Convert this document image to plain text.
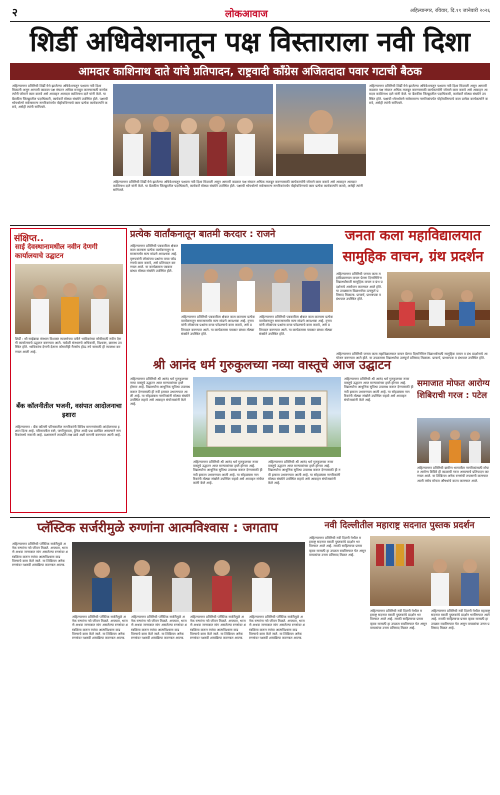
२	लोकआवाज	अहिल्यानगर, रविवार, दि.११ जानेवारी २०२६
शिर्डी अधिवेशनातून पक्ष विस्ताराला नवी दिशा
आमदार काशिनाथ दाते यांचे प्रतिपादन, राष्ट्रवादी काँग्रेस अजितदादा पवार गटाची बैठक
अहिल्यानगर प्रतिनिधी शिर्डी येथे झालेल्या अधिवेशनातून पक्षाला नवी दिशा मिळाली असून आगामी काळात पक्ष संघटन अधिक मजबूत करण्यासाठी कार्यकर्त्यांनी जोमाने काम करावे असे आवाहन आमदार काशिनाथ दाते यांनी केले. या बैठकीस जिल्ह्यातील पदाधिकारी, कार्यकर्ते मोठ्या संख्येने उपस्थित होते. पक्षाची ध्येयधोरणे सर्वसामान्य नागरिकांपर्यंत पोहोचविण्याचे काम प्रत्येक कार्यकर्त्याने करावे, असेही त्यांनी सांगितले.
अहिल्यानगर प्रतिनिधी शिर्डी येथे झालेल्या अधिवेशनातून पक्षाला नवी दिशा मिळाली असून आगामी काळात पक्ष संघटन अधिक मजबूत करण्यासाठी कार्यकर्त्यांनी जोमाने काम करावे असे आवाहन आमदार काशिनाथ दाते यांनी केले. या बैठकीस जिल्ह्यातील पदाधिकारी, कार्यकर्ते मोठ्या संख्येने उपस्थित होते. पक्षाची ध्येयधोरणे सर्वसामान्य नागरिकांपर्यंत पोहोचविण्याचे काम प्रत्येक कार्यकर्त्याने करावे, असेही त्यांनी सांगितले.
अहिल्यानगर प्रतिनिधी शिर्डी येथे झालेल्या अधिवेशनातून पक्षाला नवी दिशा मिळाली असून आगामी काळात पक्ष संघटन अधिक मजबूत करण्यासाठी कार्यकर्त्यांनी जोमाने काम करावे असे आवाहन आमदार काशिनाथ दाते यांनी केले. या बैठकीस जिल्ह्यातील पदाधिकारी, कार्यकर्ते मोठ्या संख्येने उपस्थित होते. पक्षाची ध्येयधोरणे सर्वसामान्य नागरिकांपर्यंत पोहोचविण्याचे काम प्रत्येक कार्यकर्त्याने करावे, असेही त्यांनी सांगितले.
संक्षिप्त..
साई देवस्थानामधील नवीन देणगी कार्यालयाचे उद्घाटन
शिर्डी : श्री साईबाबा संस्थान विश्वस्त व्यवस्थेच्या वतीने भाविकांच्या सोयीसाठी नवीन देणगी कार्यालयाचे उद्घाटन करण्यात आले. यावेळी संस्थानचे अधिकारी, विश्वस्त, ग्रामस्थ उपस्थित होते. भाविकांना देणगी देताना कोणतीही गैरसोय होऊ नये यासाठी ही व्यवस्था करण्यात आली आहे.
बँक कॉलनीतील भजनी, वसंपात आदोलनाचा इशारा
अहिल्यानगर : बँक कॉलनी परिसरातील नागरिकांनी विविध मागण्यांसाठी आंदोलनाचा इशारा दिला आहे. परिसरातील रस्ते, पाणीपुरवठा, ड्रेनेज आदी प्रश्न प्रलंबित असल्याने नागरिकांमध्ये नाराजी आहे. प्रशासनाने तातडीने लक्ष द्यावे अशी मागणी करण्यात आली आहे.
प्रत्येक वार्तांकनातून बातमी करदार : राजने
अहिल्यानगर प्रतिनिधी पत्रकारिता क्षेत्रात काम करताना प्रत्येक वार्तांकनातून समाजासमोर सत्य मांडणे आवश्यक आहे. वृत्तपत्रांनी लोकांच्या प्रश्नांना वाचा फोडण्याचे काम करावे, असे प्रतिपादन करण्यात आले. या कार्यक्रमास पत्रकार बांधव मोठ्या संख्येने उपस्थित होते.
अहिल्यानगर प्रतिनिधी पत्रकारिता क्षेत्रात काम करताना प्रत्येक वार्तांकनातून समाजासमोर सत्य मांडणे आवश्यक आहे. वृत्तपत्रांनी लोकांच्या प्रश्नांना वाचा फोडण्याचे काम करावे, असे प्रतिपादन करण्यात आले. या कार्यक्रमास पत्रकार बांधव मोठ्या संख्येने उपस्थित होते.
अहिल्यानगर प्रतिनिधी पत्रकारिता क्षेत्रात काम करताना प्रत्येक वार्तांकनातून समाजासमोर सत्य मांडणे आवश्यक आहे. वृत्तपत्रांनी लोकांच्या प्रश्नांना वाचा फोडण्याचे काम करावे, असे प्रतिपादन करण्यात आले. या कार्यक्रमास पत्रकार बांधव मोठ्या संख्येने उपस्थित होते.
जनता कला महाविद्यालयात सामुहिक वाचन, ग्रंथ प्रदर्शन
अहिल्यानगर प्रतिनिधी जनता कला महाविद्यालयात वाचन प्रेरणा दिनानिमित्त विद्यार्थ्यांसाठी सामुहिक वाचन व ग्रंथ प्रदर्शनाचे आयोजन करण्यात आले होते. या उपक्रमास विद्यार्थ्यांचा उत्स्फूर्त प्रतिसाद मिळाला. प्राचार्य, प्राध्यापक व ग्रंथपाल उपस्थित होते.
अहिल्यानगर प्रतिनिधी जनता कला महाविद्यालयात वाचन प्रेरणा दिनानिमित्त विद्यार्थ्यांसाठी सामुहिक वाचन व ग्रंथ प्रदर्शनाचे आयोजन करण्यात आले होते. या उपक्रमास विद्यार्थ्यांचा उत्स्फूर्त प्रतिसाद मिळाला. प्राचार्य, प्राध्यापक व ग्रंथपाल उपस्थित होते.
श्री आनंद धर्म गुरुकुलच्या नव्या वास्तूचे आज उद्घाटन
अहिल्यानगर प्रतिनिधी श्री आनंद धर्म गुरुकुलच्या नव्या वास्तूचे उद्घाटन आज मान्यवरांच्या हस्ते होणार आहे. विद्यार्थ्यांना आधुनिक सुविधा उपलब्ध करून देण्यासाठी ही नवी इमारत उभारण्यात आली आहे. या सोहळ्यास नागरिकांनी मोठ्या संख्येने उपस्थित राहावे असे आवाहन संयोजकांनी केले आहे.
अहिल्यानगर प्रतिनिधी श्री आनंद धर्म गुरुकुलच्या नव्या वास्तूचे उद्घाटन आज मान्यवरांच्या हस्ते होणार आहे. विद्यार्थ्यांना आधुनिक सुविधा उपलब्ध करून देण्यासाठी ही नवी इमारत उभारण्यात आली आहे. या सोहळ्यास नागरिकांनी मोठ्या संख्येने उपस्थित राहावे असे आवाहन संयोजकांनी केले आहे.
अहिल्यानगर प्रतिनिधी श्री आनंद धर्म गुरुकुलच्या नव्या वास्तूचे उद्घाटन आज मान्यवरांच्या हस्ते होणार आहे. विद्यार्थ्यांना आधुनिक सुविधा उपलब्ध करून देण्यासाठी ही नवी इमारत उभारण्यात आली आहे. या सोहळ्यास नागरिकांनी मोठ्या संख्येने उपस्थित राहावे असे आवाहन संयोजकांनी केले आहे.
अहिल्यानगर प्रतिनिधी श्री आनंद धर्म गुरुकुलच्या नव्या वास्तूचे उद्घाटन आज मान्यवरांच्या हस्ते होणार आहे. विद्यार्थ्यांना आधुनिक सुविधा उपलब्ध करून देण्यासाठी ही नवी इमारत उभारण्यात आली आहे. या सोहळ्यास नागरिकांनी मोठ्या संख्येने उपस्थित राहावे असे आवाहन संयोजकांनी केले आहे.
समाजात मोफत आरोग्य शिबिराची गरज : पटेल
अहिल्यानगर प्रतिनिधी ग्रामीण भागातील नागरिकांसाठी मोफत आरोग्य शिबिरे ही काळाची गरज असल्याचे प्रतिपादन करण्यात आले. या शिबिरात अनेक रुग्णांची तपासणी करण्यात आली तसेच मोफत औषधांचे वाटप करण्यात आले.
प्लॅस्टिक सर्जरीमुळे रुग्णांना आत्मविश्वास : जगताप
अहिल्यानगर प्रतिनिधी प्लॅस्टिक सर्जरीमुळे अनेक रुग्णांना नवे जीवन मिळते. अपघात, भाजणे अथवा जन्मजात व्यंग असलेल्या रुग्णांवर शस्त्रक्रिया करून त्यांचा आत्मविश्वास वाढविण्याचे काम केले जाते. या शिबिरात अनेक रुग्णांवर यशस्वी शस्त्रक्रिया करण्यात आल्या.
अहिल्यानगर प्रतिनिधी प्लॅस्टिक सर्जरीमुळे अनेक रुग्णांना नवे जीवन मिळते. अपघात, भाजणे अथवा जन्मजात व्यंग असलेल्या रुग्णांवर शस्त्रक्रिया करून त्यांचा आत्मविश्वास वाढविण्याचे काम केले जाते. या शिबिरात अनेक रुग्णांवर यशस्वी शस्त्रक्रिया करण्यात आल्या.
अहिल्यानगर प्रतिनिधी प्लॅस्टिक सर्जरीमुळे अनेक रुग्णांना नवे जीवन मिळते. अपघात, भाजणे अथवा जन्मजात व्यंग असलेल्या रुग्णांवर शस्त्रक्रिया करून त्यांचा आत्मविश्वास वाढविण्याचे काम केले जाते. या शिबिरात अनेक रुग्णांवर यशस्वी शस्त्रक्रिया करण्यात आल्या.
अहिल्यानगर प्रतिनिधी प्लॅस्टिक सर्जरीमुळे अनेक रुग्णांना नवे जीवन मिळते. अपघात, भाजणे अथवा जन्मजात व्यंग असलेल्या रुग्णांवर शस्त्रक्रिया करून त्यांचा आत्मविश्वास वाढविण्याचे काम केले जाते. या शिबिरात अनेक रुग्णांवर यशस्वी शस्त्रक्रिया करण्यात आल्या.
अहिल्यानगर प्रतिनिधी प्लॅस्टिक सर्जरीमुळे अनेक रुग्णांना नवे जीवन मिळते. अपघात, भाजणे अथवा जन्मजात व्यंग असलेल्या रुग्णांवर शस्त्रक्रिया करून त्यांचा आत्मविश्वास वाढविण्याचे काम केले जाते. या शिबिरात अनेक रुग्णांवर यशस्वी शस्त्रक्रिया करण्यात आल्या.
नवी दिल्लीतील महाराष्ट्र सदनात पुस्तक प्रदर्शन
अहिल्यानगर प्रतिनिधी नवी दिल्ली येथील महाराष्ट्र सदनात मराठी पुस्तकांचे प्रदर्शन भरविण्यात आले आहे. मराठी साहित्याचा प्रसार व्हावा यासाठी हा उपक्रम राबविण्यात येत असून वाचकांचा उत्तम प्रतिसाद मिळत आहे.
अहिल्यानगर प्रतिनिधी नवी दिल्ली येथील महाराष्ट्र सदनात मराठी पुस्तकांचे प्रदर्शन भरविण्यात आले आहे. मराठी साहित्याचा प्रसार व्हावा यासाठी हा उपक्रम राबविण्यात येत असून वाचकांचा उत्तम प्रतिसाद मिळत आहे.
अहिल्यानगर प्रतिनिधी नवी दिल्ली येथील महाराष्ट्र सदनात मराठी पुस्तकांचे प्रदर्शन भरविण्यात आले आहे. मराठी साहित्याचा प्रसार व्हावा यासाठी हा उपक्रम राबविण्यात येत असून वाचकांचा उत्तम प्रतिसाद मिळत आहे.
